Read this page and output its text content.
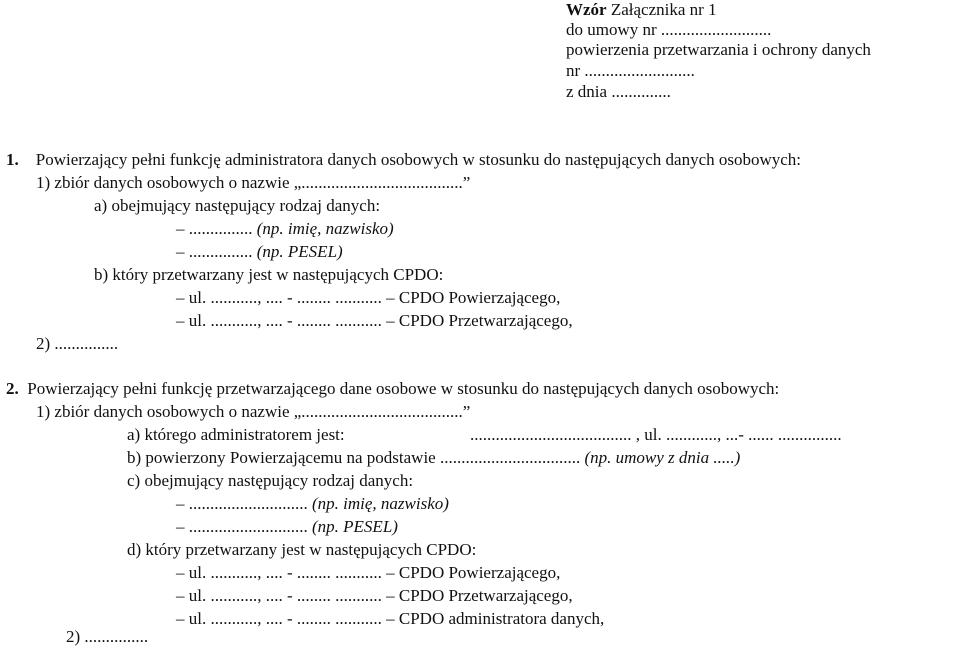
Wzór Załącznika nr 1
do umowy nr ..........................
powierzenia przetwarzania i ochrony danych
nr ..........................
z dnia ..............
1. Powierzający pełni funkcję administratora danych osobowych w stosunku do następujących danych osobowych:
1) zbiór danych osobowych o nazwie „......................................”
a) obejmujący następujący rodzaj danych:
– ............... (np. imię, nazwisko)
– ............... (np. PESEL)
b) który przetwarzany jest w następujących CPDO:
– ul. ..........., .... - ........ ........... – CPDO Powierzającego,
– ul. ..........., .... - ........ ........... – CPDO Przetwarzającego,
2) ...............
2. Powierzający pełni funkcję przetwarzającego dane osobowe w stosunku do następujących danych osobowych:
1) zbiór danych osobowych o nazwie „......................................”
a) którego administratorem jest:	...................................... , ul. ............, ...- ...... ...............
b) powierzony Powierzającemu na podstawie ................................. (np. umowy z dnia .....)
c) obejmujący następujący rodzaj danych:
– ............................ (np. imię, nazwisko)
– ............................ (np. PESEL)
d) który przetwarzany jest w następujących CPDO:
– ul. ..........., .... - ........ ........... – CPDO Powierzającego,
– ul. ..........., .... - ........ ........... – CPDO Przetwarzającego,
– ul. ..........., .... - ........ ........... – CPDO administratora danych,
2) ...............
